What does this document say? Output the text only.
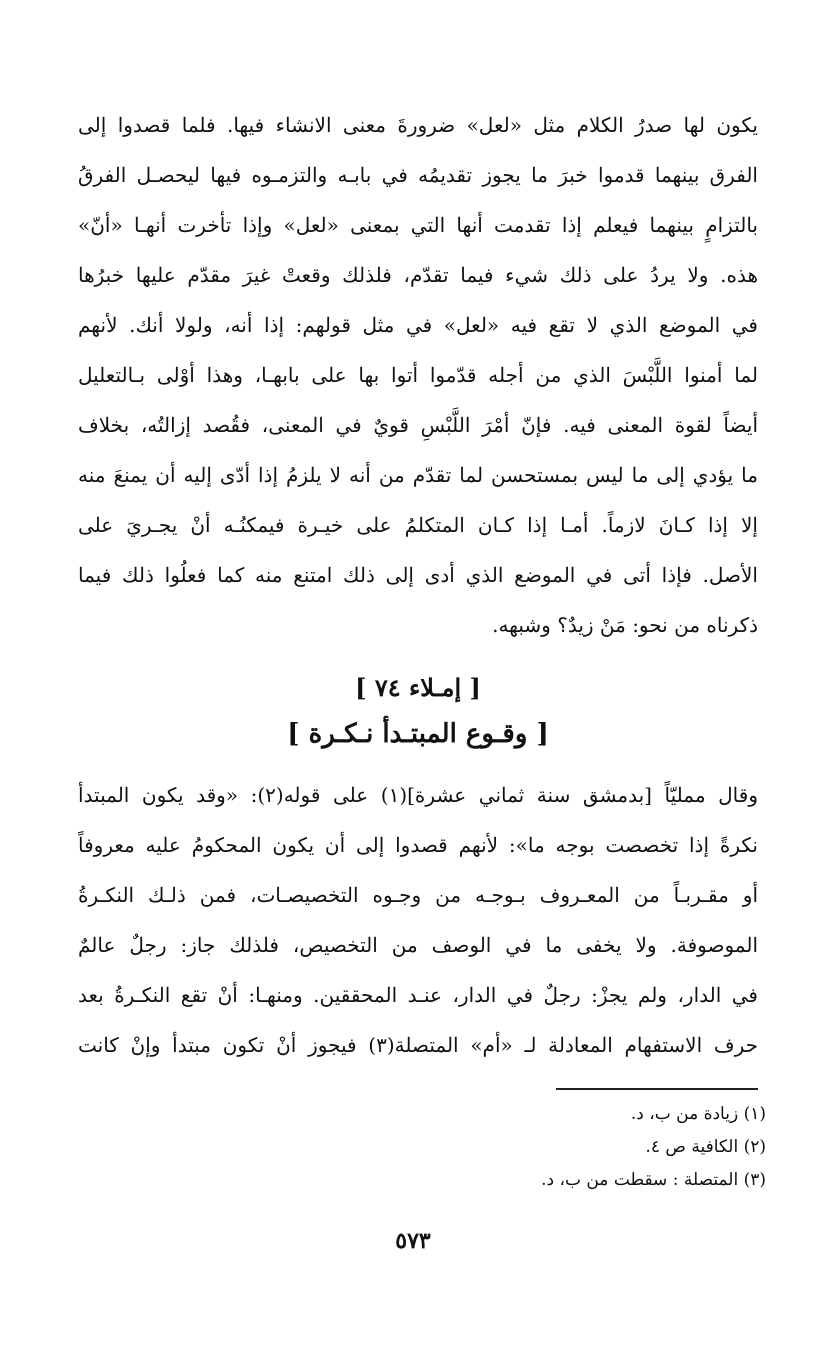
يكون لها صدرُ الكلام مثل «لعل» ضرورةَ معنى الانشاء فيها. فلما قصدوا إلى
الفرق بينهما قدموا خبرَ ما يجوز تقديمُه في بابـه والتزمـوه فيها ليحصـل الفرقُ
بالتزامٍ بينهما فيعلم إذا تقدمت أنها التي بمعنى «لعل» وإذا تأخرت أنهـا «أنّ»
هذه. ولا يردُ على ذلك شيء فيما تقدّم، فلذلك وقعتْ غيرَ مقدّم عليها خبرُها
في الموضع الذي لا تقع فيه «لعل» في مثل قولهم: إذا أنه، ولولا أنك. لأنهم
لما أمنوا اللَّبْسَ الذي من أجله قدّموا أتوا بها على بابهـا، وهذا أوْلى بـالتعليل
أيضاً لقوة المعنى فيه. فإنّ أمْرَ اللَّبْسِ قويٌ في المعنى، فقُصد إزالتُه، بخلاف
ما يؤدي إلى ما ليس بمستحسن لما تقدّم من أنه لا يلزمُ إذا أدّى إليه أن يمنعَ منه
إلا إذا كـانَ لازماً. أمـا إذا كـان المتكلمُ على خيـرة فيمكنُـه أنْ يجـريَ على
الأصل. فإذا أتى في الموضع الذي أدى إلى ذلك امتنع منه كما فعلُوا ذلك فيما
ذكرناه من نحو: مَنْ زيدٌ؟ وشبهه.
[ إمـلاء ٧٤ ]
[ وقـوع المبتـدأ نـكـرة ]
وقال ممليّاً [بدمشق سنة ثماني عشرة](١) على قوله(٢): «وقد يكون المبتدأ
نكرةً إذا تخصصت بوجه ما»: لأنهم قصدوا إلى أن يكون المحكومُ عليه معروفاً
أو مقـربـاً من المعـروف بـوجـه من وجـوه التخصيصـات، فمن ذلـك النكـرةُ
الموصوفة. ولا يخفى ما في الوصف من التخصيص، فلذلك جاز: رجلٌ عالمٌ
في الدار، ولم يجزْ: رجلٌ في الدار، عنـد المحققين. ومنهـا: أنْ تقع النكـرةُ بعد
حرف الاستفهام المعادلة لـ «أم» المتصلة(٣) فيجوز أنْ تكون مبتدأ وإنْ كانت
(١) زيادة من ب، د.
(٢) الكافية ص ٤.
(٣) المتصلة : سقطت من ب، د.
٥٧٣
